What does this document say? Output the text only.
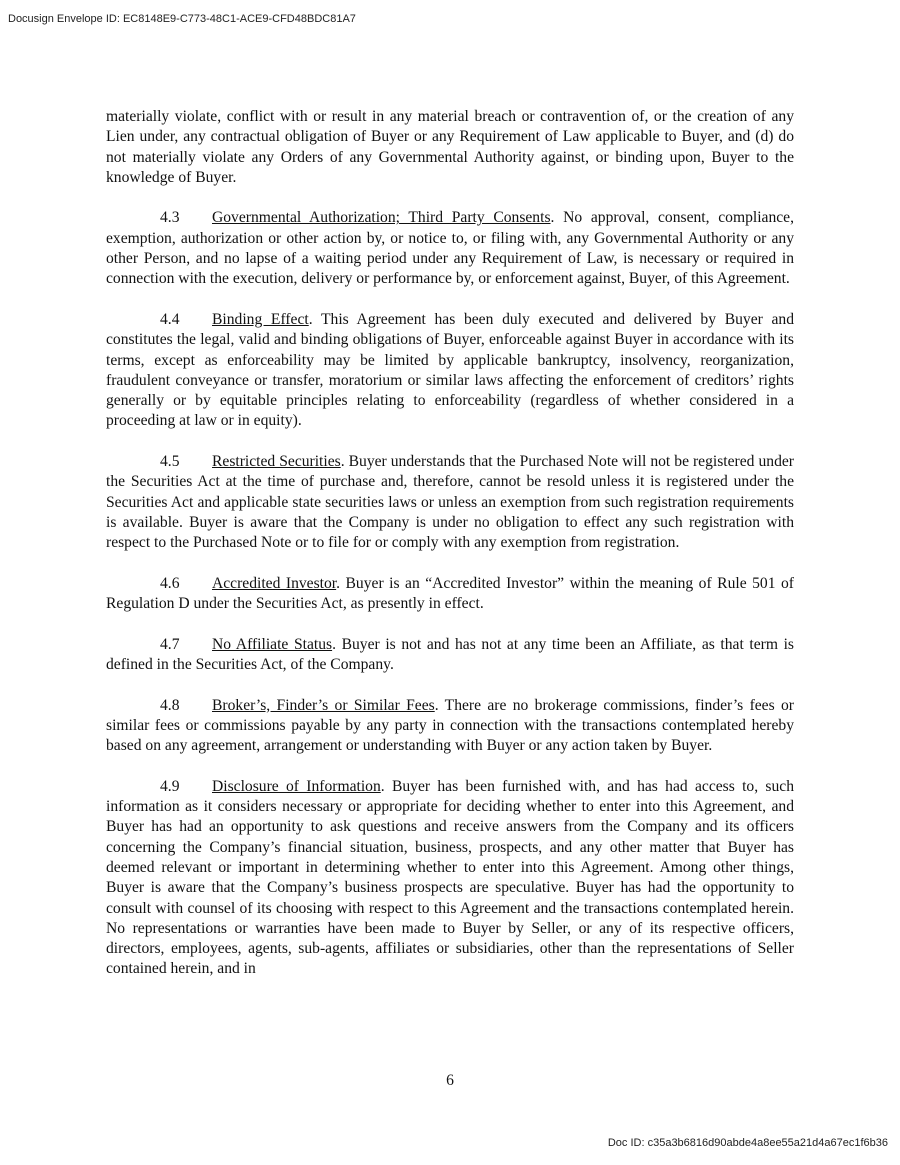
Docusign Envelope ID: EC8148E9-C773-48C1-ACE9-CFD48BDC81A7

materially violate, conflict with or result in any material breach or contravention of, or the creation of any Lien under, any contractual obligation of Buyer or any Requirement of Law applicable to Buyer, and (d) do not materially violate any Orders of any Governmental Authority against, or binding upon, Buyer to the knowledge of Buyer.

4.3 Governmental Authorization; Third Party Consents. No approval, consent, compliance, exemption, authorization or other action by, or notice to, or filing with, any Governmental Authority or any other Person, and no lapse of a waiting period under any Requirement of Law, is necessary or required in connection with the execution, delivery or performance by, or enforcement against, Buyer, of this Agreement.

4.4 Binding Effect. This Agreement has been duly executed and delivered by Buyer and constitutes the legal, valid and binding obligations of Buyer, enforceable against Buyer in accordance with its terms, except as enforceability may be limited by applicable bankruptcy, insolvency, reorganization, fraudulent conveyance or transfer, moratorium or similar laws affecting the enforcement of creditors’ rights generally or by equitable principles relating to enforceability (regardless of whether considered in a proceeding at law or in equity).

4.5 Restricted Securities. Buyer understands that the Purchased Note will not be registered under the Securities Act at the time of purchase and, therefore, cannot be resold unless it is registered under the Securities Act and applicable state securities laws or unless an exemption from such registration requirements is available. Buyer is aware that the Company is under no obligation to effect any such registration with respect to the Purchased Note or to file for or comply with any exemption from registration.

4.6 Accredited Investor. Buyer is an “Accredited Investor” within the meaning of Rule 501 of Regulation D under the Securities Act, as presently in effect.

4.7 No Affiliate Status. Buyer is not and has not at any time been an Affiliate, as that term is defined in the Securities Act, of the Company.

4.8 Broker’s, Finder’s or Similar Fees. There are no brokerage commissions, finder’s fees or similar fees or commissions payable by any party in connection with the transactions contemplated hereby based on any agreement, arrangement or understanding with Buyer or any action taken by Buyer.

4.9 Disclosure of Information. Buyer has been furnished with, and has had access to, such information as it considers necessary or appropriate for deciding whether to enter into this Agreement, and Buyer has had an opportunity to ask questions and receive answers from the Company and its officers concerning the Company’s financial situation, business, prospects, and any other matter that Buyer has deemed relevant or important in determining whether to enter into this Agreement. Among other things, Buyer is aware that the Company’s business prospects are speculative. Buyer has had the opportunity to consult with counsel of its choosing with respect to this Agreement and the transactions contemplated herein. No representations or warranties have been made to Buyer by Seller, or any of its respective officers, directors, employees, agents, sub-agents, affiliates or subsidiaries, other than the representations of Seller contained herein, and in

6
Doc ID: c35a3b6816d90abde4a8ee55a21d4a67ec1f6b36
